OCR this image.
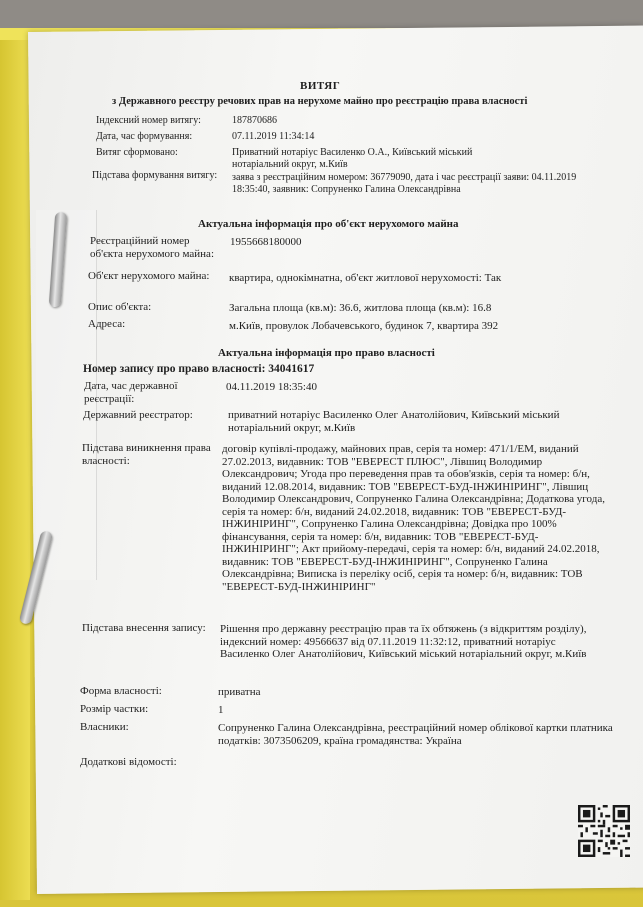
ВИТЯГ
з Державного реєстру речових прав на нерухоме майно про реєстрацію права власності
Індексний номер витягу:	187870686
Дата, час формування:	07.11.2019 11:34:14
Витяг сформовано:	Приватний нотаріус Василенко О.А., Київський міський нотаріальний округ, м.Київ
Підстава формування витягу:	заява з реєстраційним номером: 36779090, дата і час реєстрації заяви: 04.11.2019 18:35:40, заявник: Сопруненко Галина Олександрівна
Актуальна інформація про об'єкт нерухомого майна
Реєстраційний номер об'єкта нерухомого майна:
1955668180000
Об'єкт нерухомого майна:	квартира, однокімнатна, об'єкт житлової нерухомості: Так
Опис об'єкта:	Загальна площа (кв.м): 36.6, житлова площа (кв.м): 16.8
Адреса:	м.Київ, провулок Лобачевського, будинок 7, квартира 392
Актуальна інформація про право власності
Номер запису про право власності: 34041617
Дата, час державної реєстрації:
04.11.2019 18:35:40
Державний реєстратор:	приватний нотаріус Василенко Олег Анатолійович, Київський міський нотаріальний округ, м.Київ
Підстава виникнення права власності:
договір купівлі-продажу, майнових прав, серія та номер: 471/1/ЕМ, виданий 27.02.2013, видавник: ТОВ "ЕВЕРЕСТ ПЛЮС", Лівшиц Володимир Олександрович; Угода про переведення прав та обов'язків, серія та номер: б/н, виданий 12.08.2014, видавник: ТОВ "ЕВЕРЕСТ-БУД-ІНЖИНІРИНГ", Лівшиц Володимир Олександрович, Сопруненко Галина Олександрівна; Додаткова угода, серія та номер: б/н, виданий 24.02.2018, видавник: ТОВ "ЕВЕРЕСТ-БУД-ІНЖИНІРИНГ", Сопруненко Галина Олександрівна; Довідка про 100% фінансування, серія та номер: б/н, видавник: ТОВ "ЕВЕРЕСТ-БУД-ІНЖИНІРИНГ"; Акт прийому-передачі, серія та номер: б/н, виданий 24.02.2018, видавник: ТОВ "ЕВЕРЕСТ-БУД-ІНЖИНІРИНГ", Сопруненко Галина Олександрівна; Виписка із переліку осіб, серія та номер: б/н, видавник: ТОВ "ЕВЕРЕСТ-БУД-ІНЖИНІРИНГ"
Підстава внесення запису: Рішення про державну реєстрацію прав та їх обтяжень (з відкриттям розділу), індексний номер: 49566637 від 07.11.2019 11:32:12, приватний нотаріус Василенко Олег Анатолійович, Київський міський нотаріальний округ, м.Київ
Форма власності:	приватна
Розмір частки:	1
Власники:	Сопруненко Галина Олександрівна, реєстраційний номер облікової картки платника податків: 3073506209, країна громадянства: Україна
Додаткові відомості:
